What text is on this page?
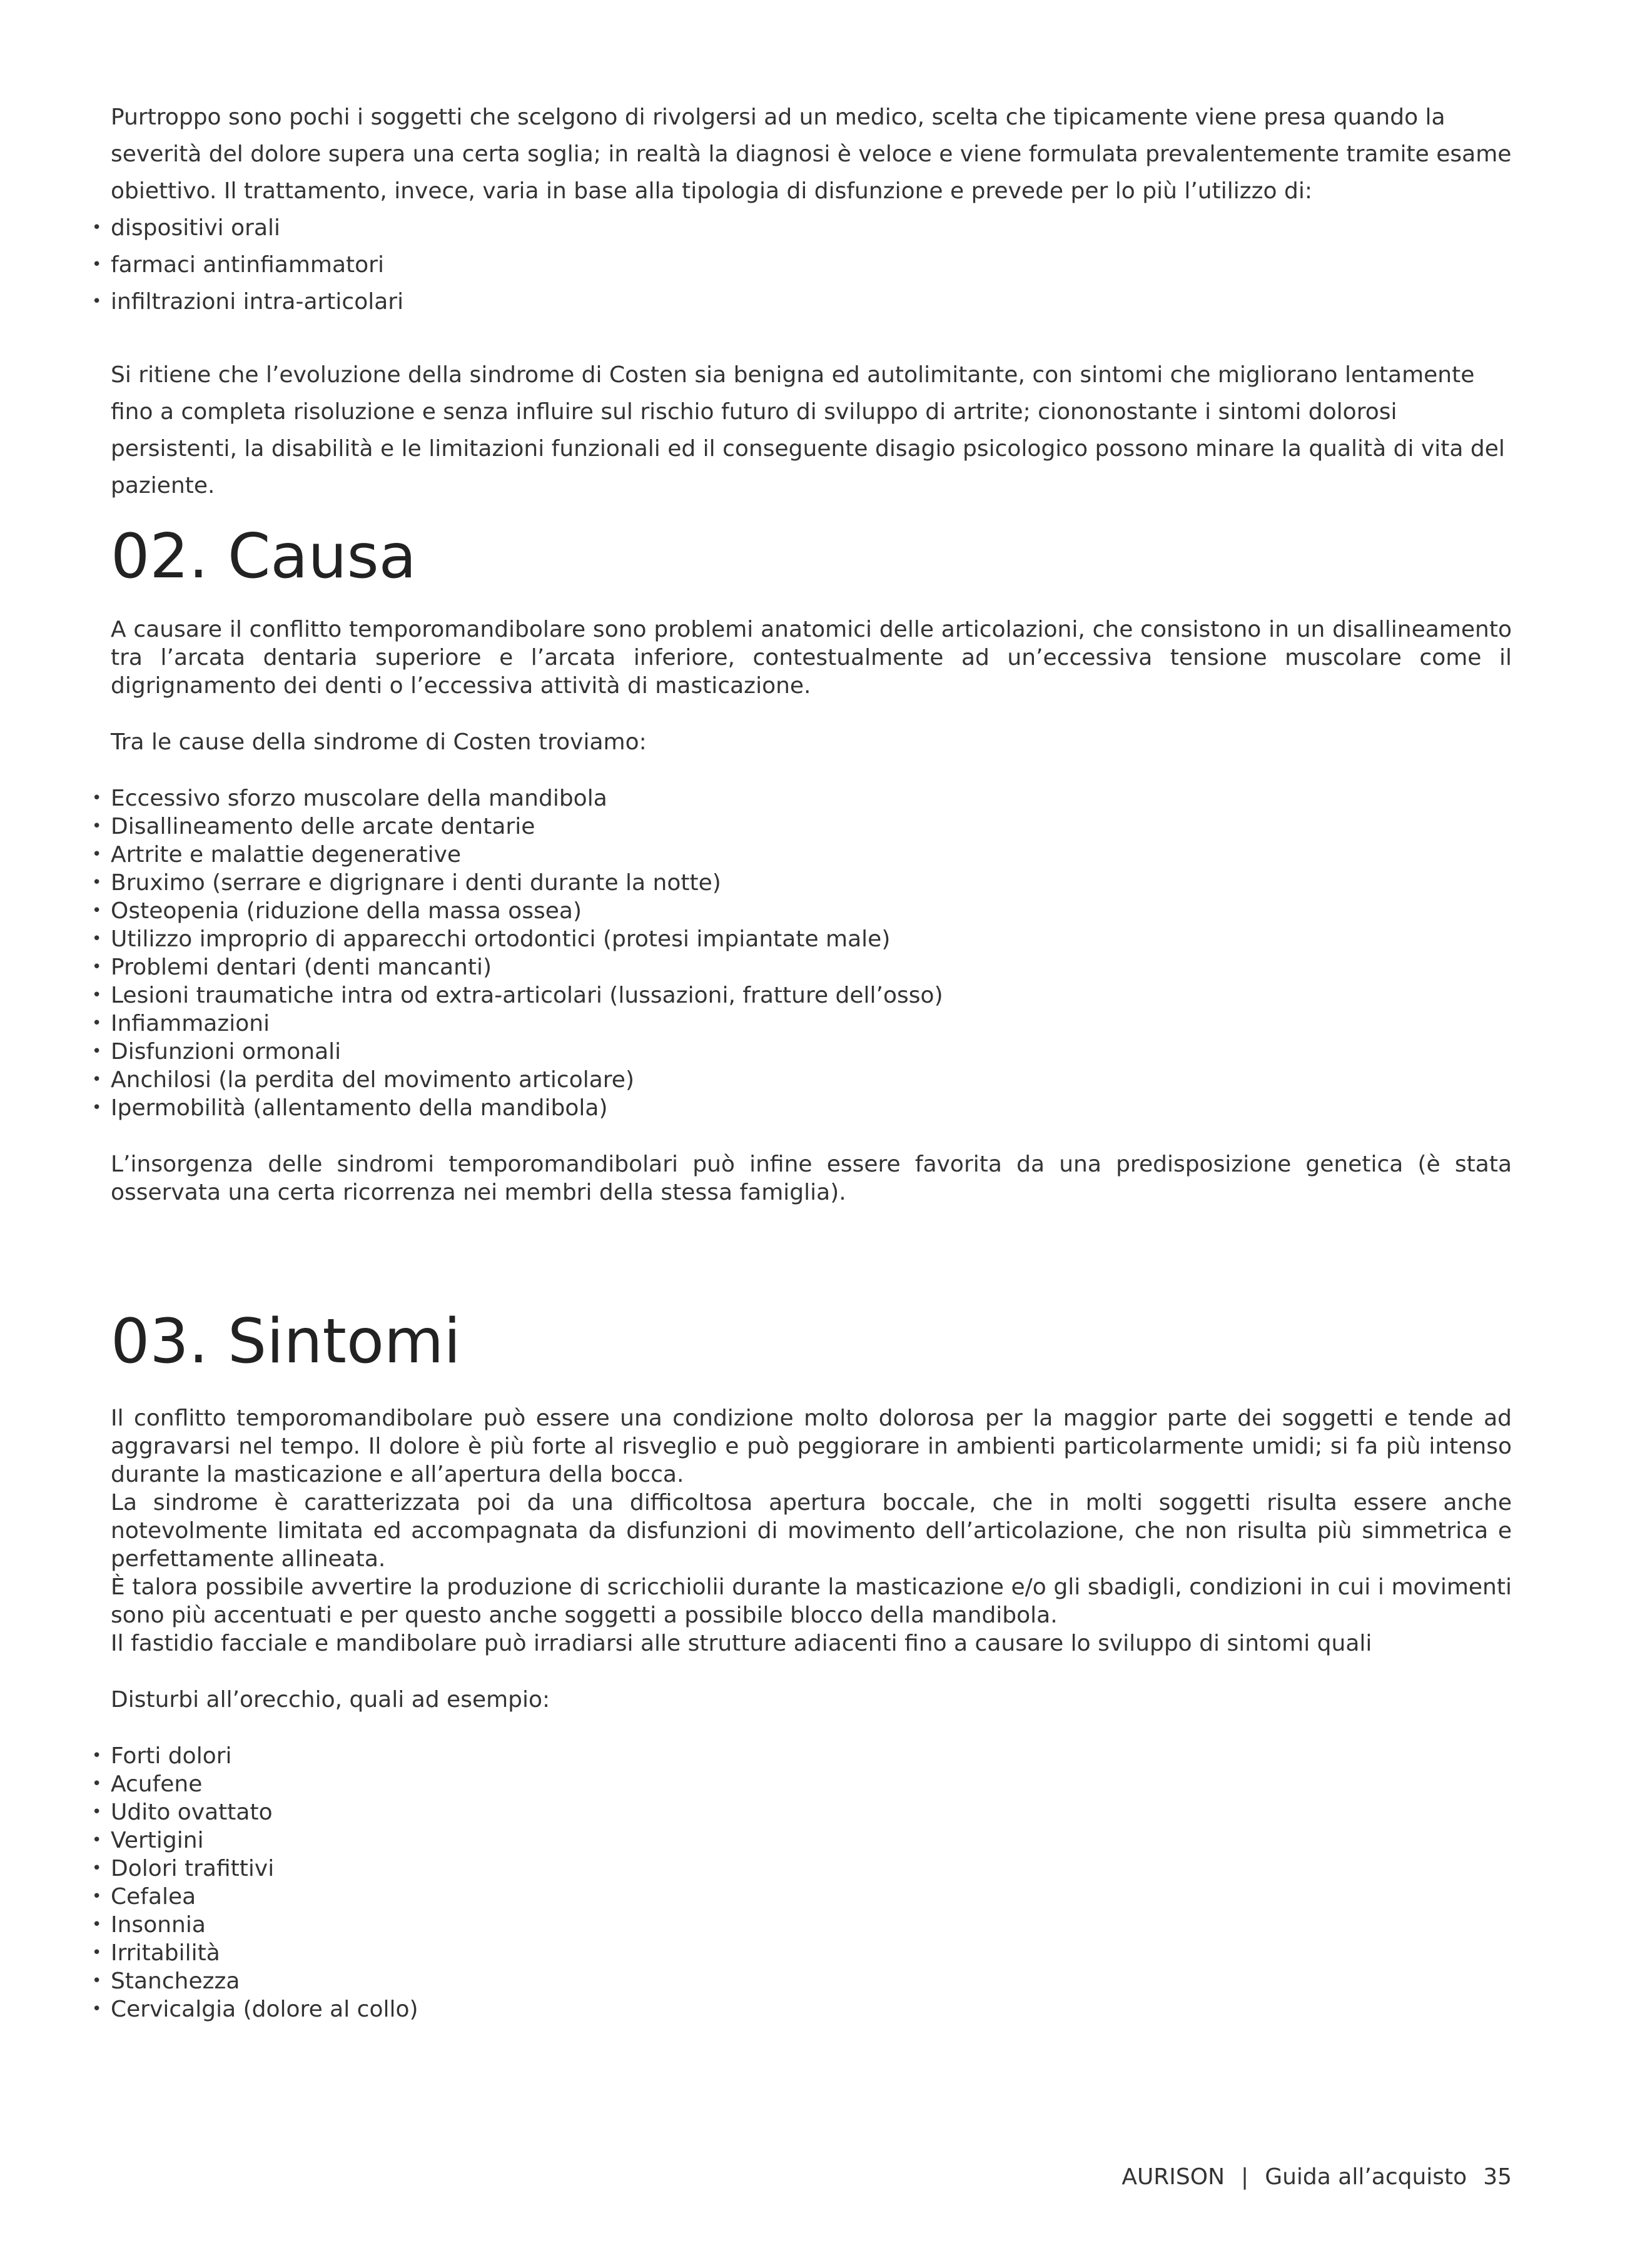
Purtroppo sono pochi i soggetti che scelgono di rivolgersi ad un medico, scelta che tipicamente viene presa quando la severità del dolore supera una certa soglia; in realtà la diagnosi è veloce e viene formulata prevalentemente tramite esame obiettivo. Il trattamento, invece, varia in base alla tipologia di disfunzione e prevede per lo più l’utilizzo di:

• dispositivi orali
• farmaci antinfiammatori
• infiltrazioni intra-articolari

Si ritiene che l’evoluzione della sindrome di Costen sia benigna ed autolimitante, con sintomi che migliorano lentamente fino a completa risoluzione e senza influire sul rischio futuro di sviluppo di artrite; ciononostante i sintomi dolorosi persistenti, la disabilità e le limitazioni funzionali ed il conseguente disagio psicologico possono minare la qualità di vita del paziente.

02. Causa

A causare il conflitto temporomandibolare sono problemi anatomici delle articolazioni, che consistono in un disallineamento tra l’arcata dentaria superiore e l’arcata inferiore, contestualmente ad un’eccessiva tensione muscolare come il digrignamento dei denti o l’eccessiva attività di masticazione.

Tra le cause della sindrome di Costen troviamo:

• Eccessivo sforzo muscolare della mandibola
• Disallineamento delle arcate dentarie
• Artrite e malattie degenerative
• Bruximo (serrare e digrignare i denti durante la notte)
• Osteopenia (riduzione della massa ossea)
• Utilizzo improprio di apparecchi ortodontici (protesi impiantate male)
• Problemi dentari (denti mancanti)
• Lesioni traumatiche intra od extra-articolari (lussazioni, fratture dell’osso)
• Infiammazioni
• Disfunzioni ormonali
• Anchilosi (la perdita del movimento articolare)
• Ipermobilità (allentamento della mandibola)

L’insorgenza delle sindromi temporomandibolari può infine essere favorita da una predisposizione genetica (è stata osservata una certa ricorrenza nei membri della stessa famiglia).

03. Sintomi

Il conflitto temporomandibolare può essere una condizione molto dolorosa per la maggior parte dei soggetti e tende ad aggravarsi nel tempo. Il dolore è più forte al risveglio e può peggiorare in ambienti particolarmente umidi; si fa più intenso durante la masticazione e all’apertura della bocca.

La sindrome è caratterizzata poi da una difficoltosa apertura boccale, che in molti soggetti risulta essere anche notevolmente limitata ed accompagnata da disfunzioni di movimento dell’articolazione, che non risulta più simmetrica e perfettamente allineata.

È talora possibile avvertire la produzione di scricchiolii durante la masticazione e/o gli sbadigli, condizioni in cui i movimenti sono più accentuati e per questo anche soggetti a possibile blocco della mandibola.

Il fastidio facciale e mandibolare può irradiarsi alle strutture adiacenti fino a causare lo sviluppo di sintomi quali

Disturbi all’orecchio, quali ad esempio:

• Forti dolori
• Acufene
• Udito ovattato
• Vertigini
• Dolori trafittivi
• Cefalea
• Insonnia
• Irritabilità
• Stanchezza
• Cervicalgia (dolore al collo)
AURISON | Guida all’acquisto 35
